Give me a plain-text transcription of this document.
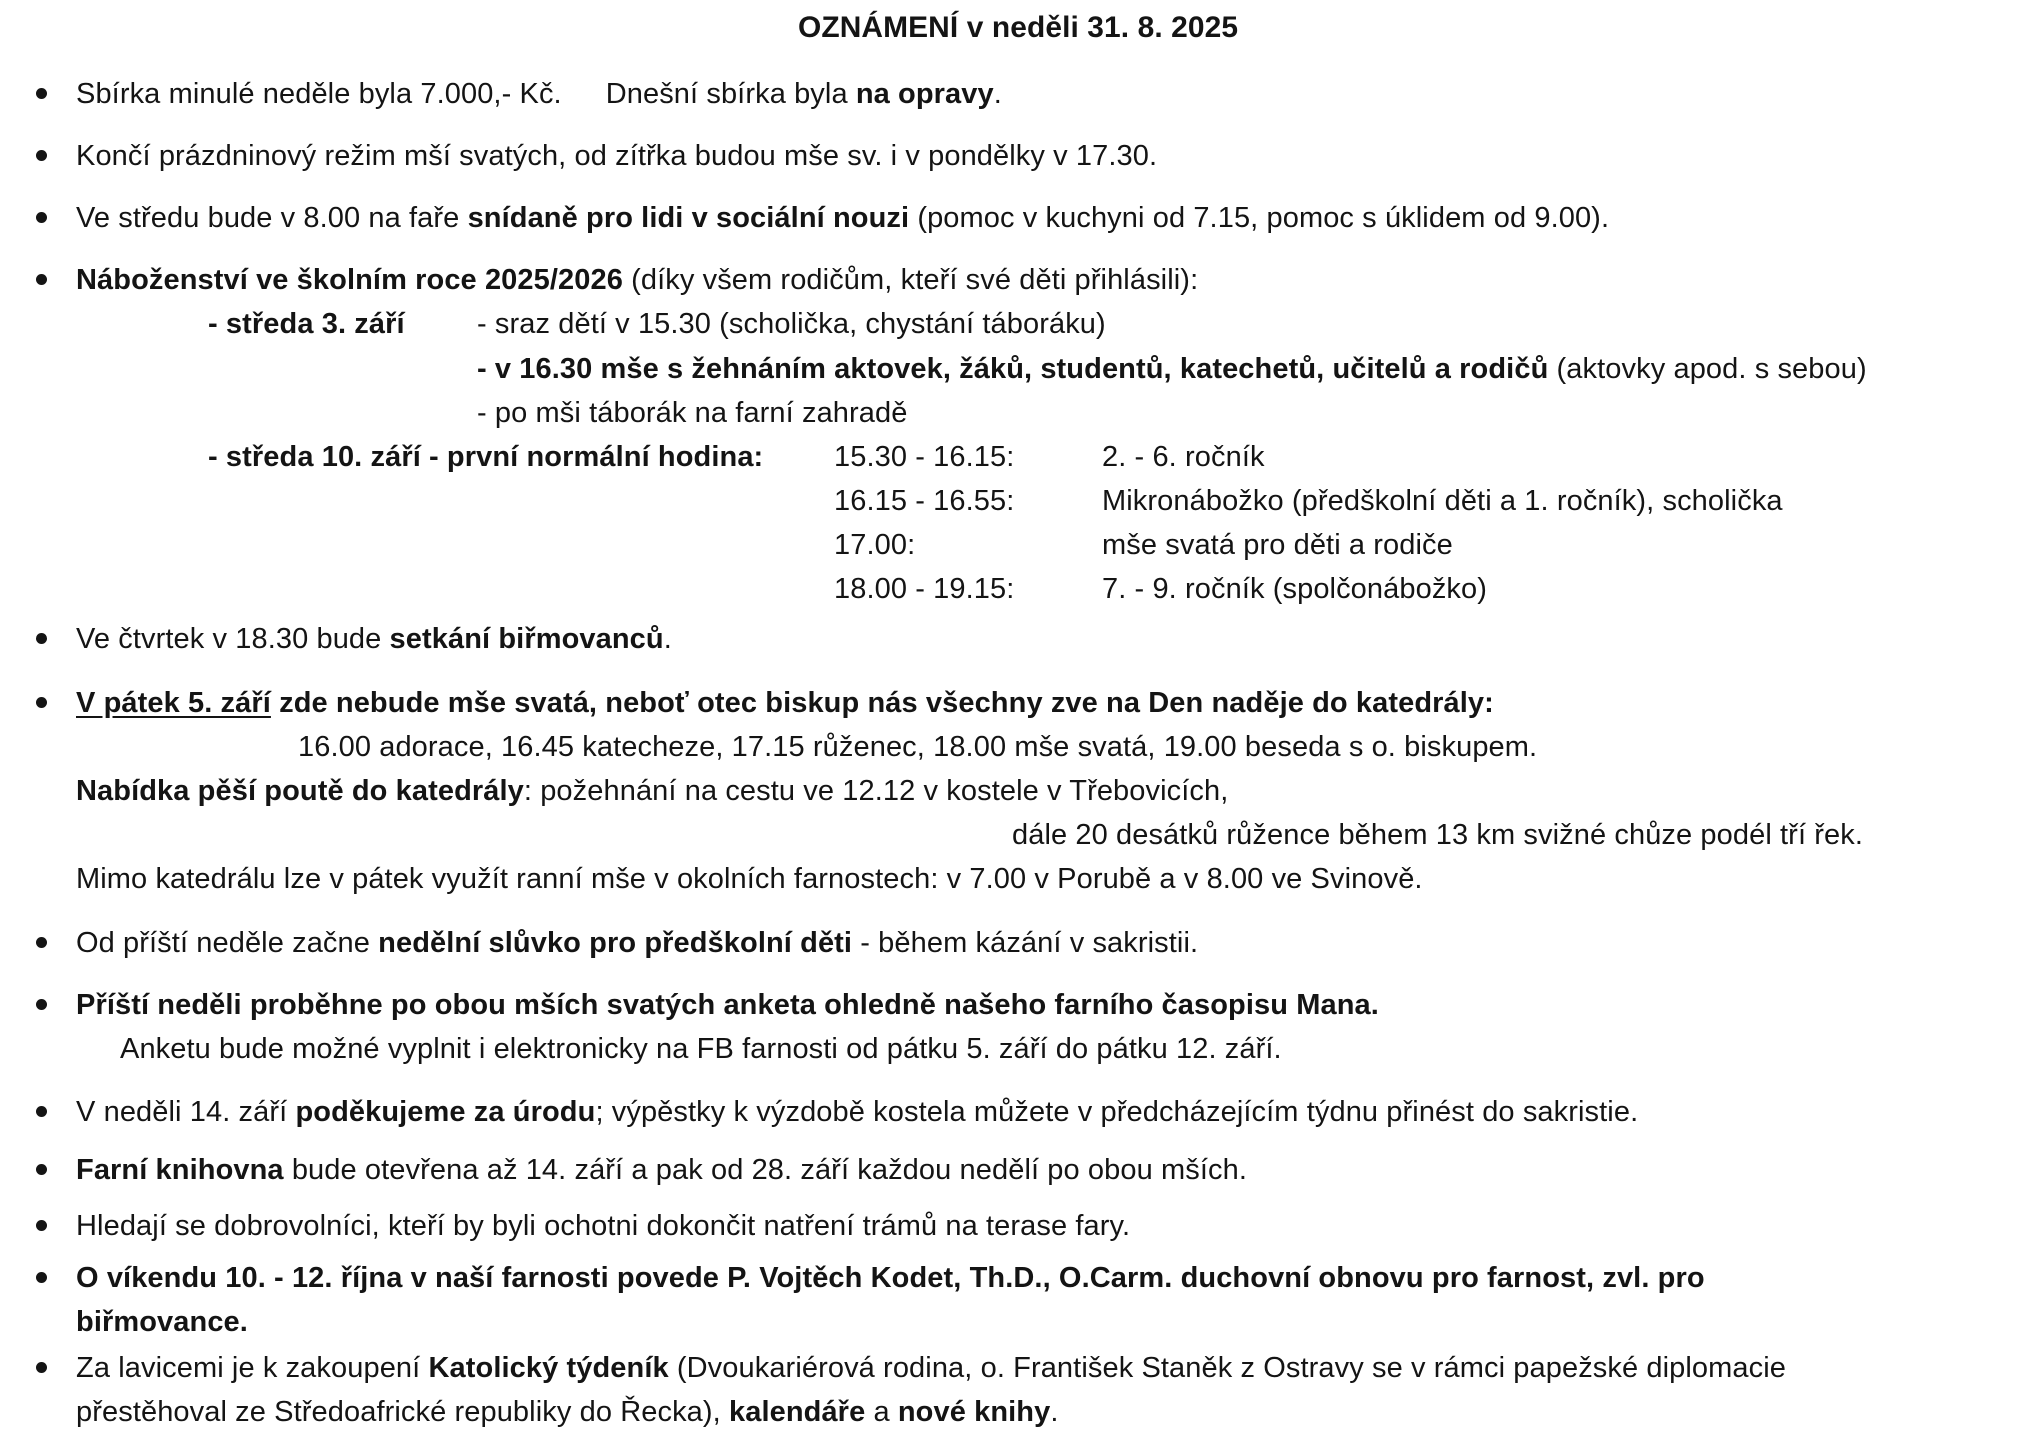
OZNÁMENÍ v neděli 31. 8. 2025
Sbírka minulé neděle byla 7.000,- Kč. Dnešní sbírka byla na opravy.
Končí prázdninový režim mší svatých, od zítřka budou mše sv. i v pondělky v 17.30.
Ve středu bude v 8.00 na faře snídaně pro lidi v sociální nouzi (pomoc v kuchyni od 7.15, pomoc s úklidem od 9.00).
Náboženství ve školním roce 2025/2026 (díky všem rodičům, kteří své děti přihlásili):
- středa 3. září - sraz dětí v 15.30 (scholička, chystání táboráku)
- v 16.30 mše s žehnáním aktovek, žáků, studentů, katechetů, učitelů a rodičů (aktovky apod. s sebou)
- po mši táborák na farní zahradě
- středa 10. září - první normální hodina: 15.30 - 16.15:	2. - 6. ročník
16.15 - 16.55:	Mikronábožko (předškolní děti a 1. ročník), scholička
17.00:	mše svatá pro děti a rodiče
18.00 - 19.15:	7. - 9. ročník (spolčonábožko)
Ve čtvrtek v 18.30 bude setkání biřmovanců.
V pátek 5. září zde nebude mše svatá, neboť otec biskup nás všechny zve na Den naděje do katedrály:
16.00 adorace, 16.45 katecheze, 17.15 růženec, 18.00 mše svatá, 19.00 beseda s o. biskupem.
Nabídka pěší poutě do katedrály: požehnání na cestu ve 12.12 v kostele v Třebovicích,
dále 20 desátků růžence během 13 km svižné chůze podél tří řek.
Mimo katedrálu lze v pátek využít ranní mše v okolních farnostech: v 7.00 v Porubě a v 8.00 ve Svinově.
Od příští neděle začne nedělní slůvko pro předškolní děti - během kázání v sakristii.
Příští neděli proběhne po obou mších svatých anketa ohledně našeho farního časopisu Mana.
Anketu bude možné vyplnit i elektronicky na FB farnosti od pátku 5. září do pátku 12. září.
V neděli 14. září poděkujeme za úrodu; výpěstky k výzdobě kostela můžete v předcházejícím týdnu přinést do sakristie.
Farní knihovna bude otevřena až 14. září a pak od 28. září každou nedělí po obou mších.
Hledají se dobrovolníci, kteří by byli ochotni dokončit natření trámů na terase fary.
O víkendu 10. - 12. října v naší farnosti povede P. Vojtěch Kodet, Th.D., O.Carm. duchovní obnovu pro farnost, zvl. pro
biřmovance.
Za lavicemi je k zakoupení Katolický týdeník (Dvoukariérová rodina, o. František Staněk z Ostravy se v rámci papežské diplomacie
přestěhoval ze Středoafrické republiky do Řecka), kalendáře a nové knihy.
